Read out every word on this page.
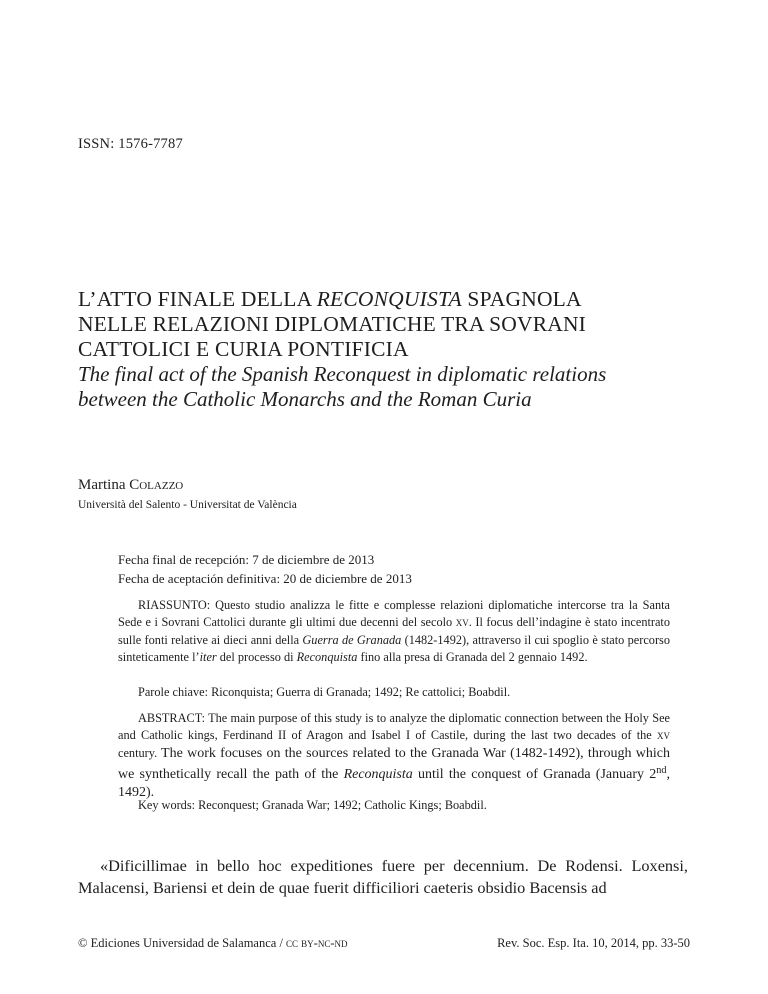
ISSN: 1576-7787
L’ATTO FINALE DELLA RECONQUISTA SPAGNOLA
NELLE RELAZIONI DIPLOMATICHE TRA SOVRANI
CATTOLICI E CURIA PONTIFICIA
The final act of the Spanish Reconquest in diplomatic relations
between the Catholic Monarchs and the Roman Curia
Martina Colazzo
Università del Salento - Universitat de València
Fecha final de recepción: 7 de diciembre de 2013
Fecha de aceptación definitiva: 20 de diciembre de 2013
RIASSUNTO: Questo studio analizza le fitte e complesse relazioni diplomatiche intercorse tra la Santa Sede e i Sovrani Cattolici durante gli ultimi due decenni del secolo xv. Il focus dell’indagine è stato incentrato sulle fonti relative ai dieci anni della Guerra de Granada (1482-1492), attraverso il cui spoglio è stato percorso sinteticamente l’iter del processo di Reconquista fino alla presa di Granada del 2 gennaio 1492.
Parole chiave: Riconquista; Guerra di Granada; 1492; Re cattolici; Boabdil.
ABSTRACT: The main purpose of this study is to analyze the diplomatic connection between the Holy See and Catholic kings, Ferdinand II of Aragon and Isabel I of Castile, during the last two decades of the xv century. The work focuses on the sources related to the Granada War (1482-1492), through which we synthetically recall the path of the Reconquista until the conquest of Granada (January 2nd, 1492).
Key words: Reconquest; Granada War; 1492; Catholic Kings; Boabdil.
«Dificillimae in bello hoc expeditiones fuere per decennium. De Rodensi. Loxensi, Malacensi, Bariensi et dein de quae fuerit difficiliori caeteris obsidio Bacensis ad
© Ediciones Universidad de Salamanca / cc by-nc-nd	Rev. Soc. Esp. Ita. 10, 2014, pp. 33-50
